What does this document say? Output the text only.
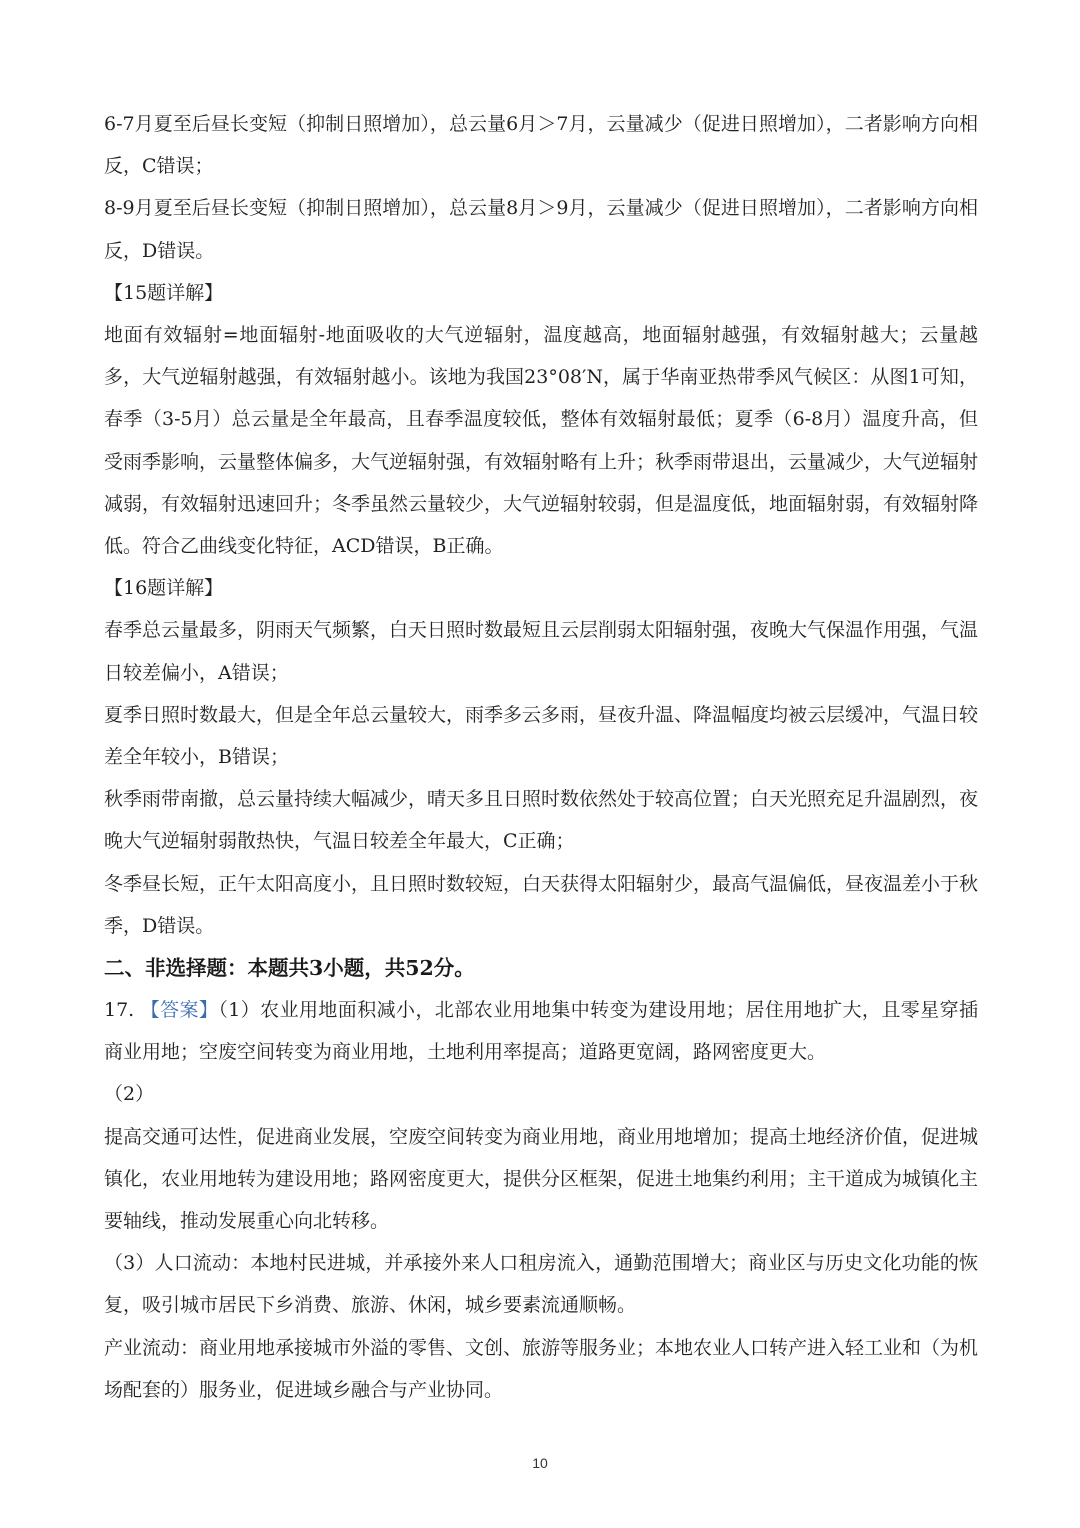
6-7月夏至后昼长变短（抑制日照增加），总云量6月＞7月，云量减少（促进日照增加），二者影响方向相反，C错误；

8-9月夏至后昼长变短（抑制日照增加），总云量8月＞9月，云量减少（促进日照增加），二者影响方向相反，D错误。

【15题详解】

地面有效辐射=地面辐射-地面吸收的大气逆辐射，温度越高，地面辐射越强，有效辐射越大；云量越多，大气逆辐射越强，有效辐射越小。该地为我国23°08′N，属于华南亚热带季风气候区：从图1可知，春季（3-5月）总云量是全年最高，且春季温度较低，整体有效辐射最低；夏季（6-8月）温度升高，但受雨季影响，云量整体偏多，大气逆辐射强，有效辐射略有上升；秋季雨带退出，云量减少，大气逆辐射减弱，有效辐射迅速回升；冬季虽然云量较少，大气逆辐射较弱，但是温度低，地面辐射弱，有效辐射降低。符合乙曲线变化特征，ACD错误，B正确。

【16题详解】

春季总云量最多，阴雨天气频繁，白天日照时数最短且云层削弱太阳辐射强，夜晚大气保温作用强，气温日较差偏小，A错误；

夏季日照时数最大，但是全年总云量较大，雨季多云多雨，昼夜升温、降温幅度均被云层缓冲，气温日较差全年较小，B错误；

秋季雨带南撤，总云量持续大幅减少，晴天多且日照时数依然处于较高位置；白天光照充足升温剧烈，夜晚大气逆辐射弱散热快，气温日较差全年最大，C正确；

冬季昼长短，正午太阳高度小，且日照时数较短，白天获得太阳辐射少，最高气温偏低，昼夜温差小于秋季，D错误。

二、非选择题：本题共3小题，共52分。

17. 【答案】（1）农业用地面积减小，北部农业用地集中转变为建设用地；居住用地扩大，且零星穿插商业用地；空废空间转变为商业用地，土地利用率提高；道路更宽阔，路网密度更大。

（2）

提高交通可达性，促进商业发展，空废空间转变为商业用地，商业用地增加；提高土地经济价值，促进城镇化，农业用地转为建设用地；路网密度更大，提供分区框架，促进土地集约利用；主干道成为城镇化主要轴线，推动发展重心向北转移。

（3）人口流动：本地村民进城，并承接外来人口租房流入，通勤范围增大；商业区与历史文化功能的恢复，吸引城市居民下乡消费、旅游、休闲，城乡要素流通顺畅。

产业流动：商业用地承接城市外溢的零售、文创、旅游等服务业；本地农业人口转产进入轻工业和（为机场配套的）服务业，促进域乡融合与产业协同。

10
